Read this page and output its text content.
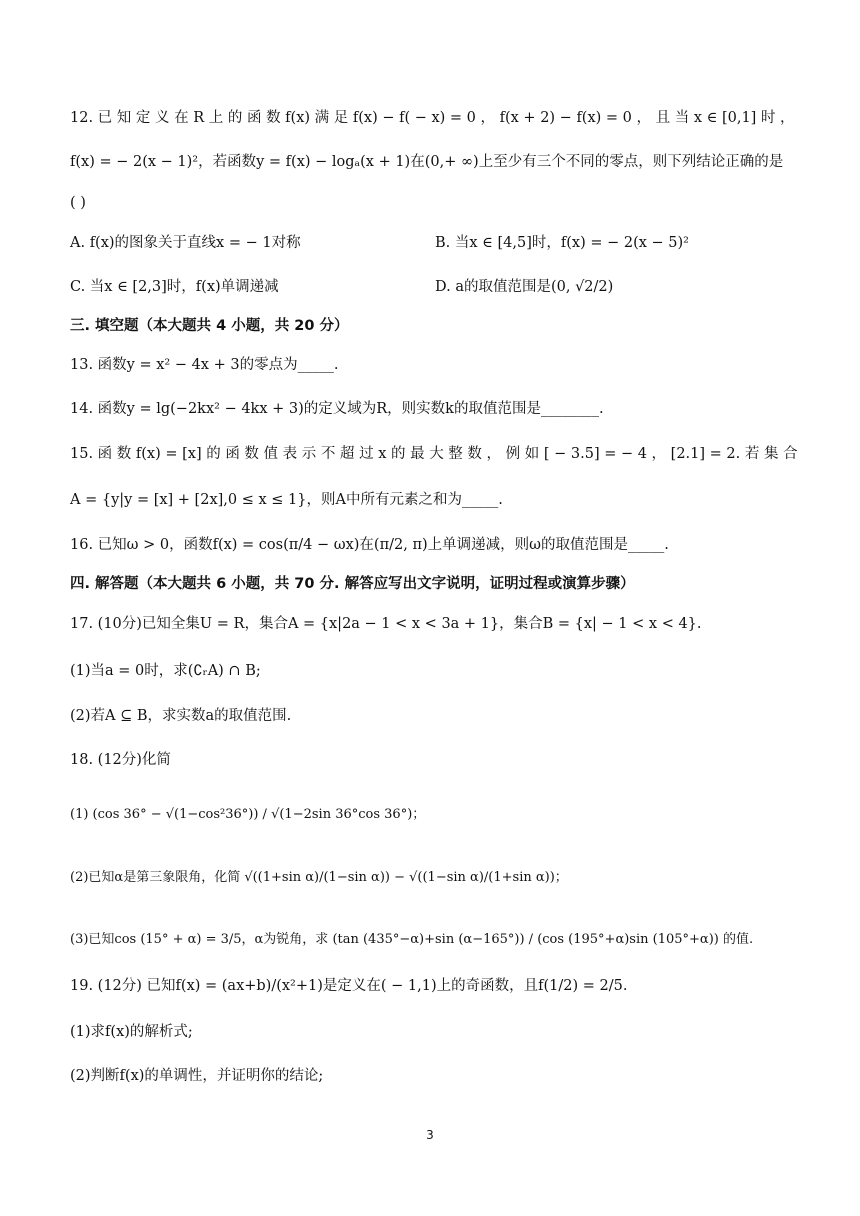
12. 已 知 定 义 在 R 上 的 函 数 f(x) 满 足 f(x) − f( − x) = 0 ， f(x + 2) − f(x) = 0 ， 且 当 x ∈ [0,1] 时 ，
f(x) = − 2(x − 1)²，若函数y = f(x) − logₐ(x + 1)在(0,+ ∞)上至少有三个不同的零点，则下列结论正确的是
( )
A. f(x)的图象关于直线x = − 1对称	B. 当x ∈ [4,5]时，f(x) = − 2(x − 5)²
C. 当x ∈ [2,3]时，f(x)单调递减	D. a的取值范围是(0, √2/2)
三. 填空题（本大题共 4 小题，共 20 分）
13. 函数y = x² − 4x + 3的零点为_____.
14. 函数y = lg(−2kx² − 4kx + 3)的定义域为R，则实数k的取值范围是________.
15. 函 数 f(x) = [x] 的 函 数 值 表 示 不 超 过 x 的 最 大 整 数 ， 例 如 [ − 3.5] = − 4 ， [2.1] = 2. 若 集 合
A = {y|y = [x] + [2x],0 ≤ x ≤ 1}，则A中所有元素之和为_____.
16. 已知ω > 0，函数f(x) = cos(π/4 − ωx)在(π/2, π)上单调递减，则ω的取值范围是_____.
四. 解答题（本大题共 6 小题，共 70 分. 解答应写出文字说明，证明过程或演算步骤）
17. (10分)已知全集U = R，集合A = {x|2a − 1 < x < 3a + 1}，集合B = {x| − 1 < x < 4}.
(1)当a = 0时，求(∁ᵣA) ∩ B;
(2)若A ⊆ B，求实数a的取值范围.
18. (12分)化简
(1) (cos 36° − √(1−cos²36°)) / √(1−2sin 36°cos 36°)；
(2)已知α是第三象限角，化简 √((1+sin α)/(1−sin α)) − √((1−sin α)/(1+sin α))；
(3)已知cos (15° + α) = 3/5，α为锐角，求 (tan (435°−α)+sin (α−165°)) / (cos (195°+α)sin (105°+α)) 的值.
19. (12分) 已知f(x) = (ax+b)/(x²+1)是定义在( − 1,1)上的奇函数，且f(1/2) = 2/5.
(1)求f(x)的解析式;
(2)判断f(x)的单调性，并证明你的结论;
3
